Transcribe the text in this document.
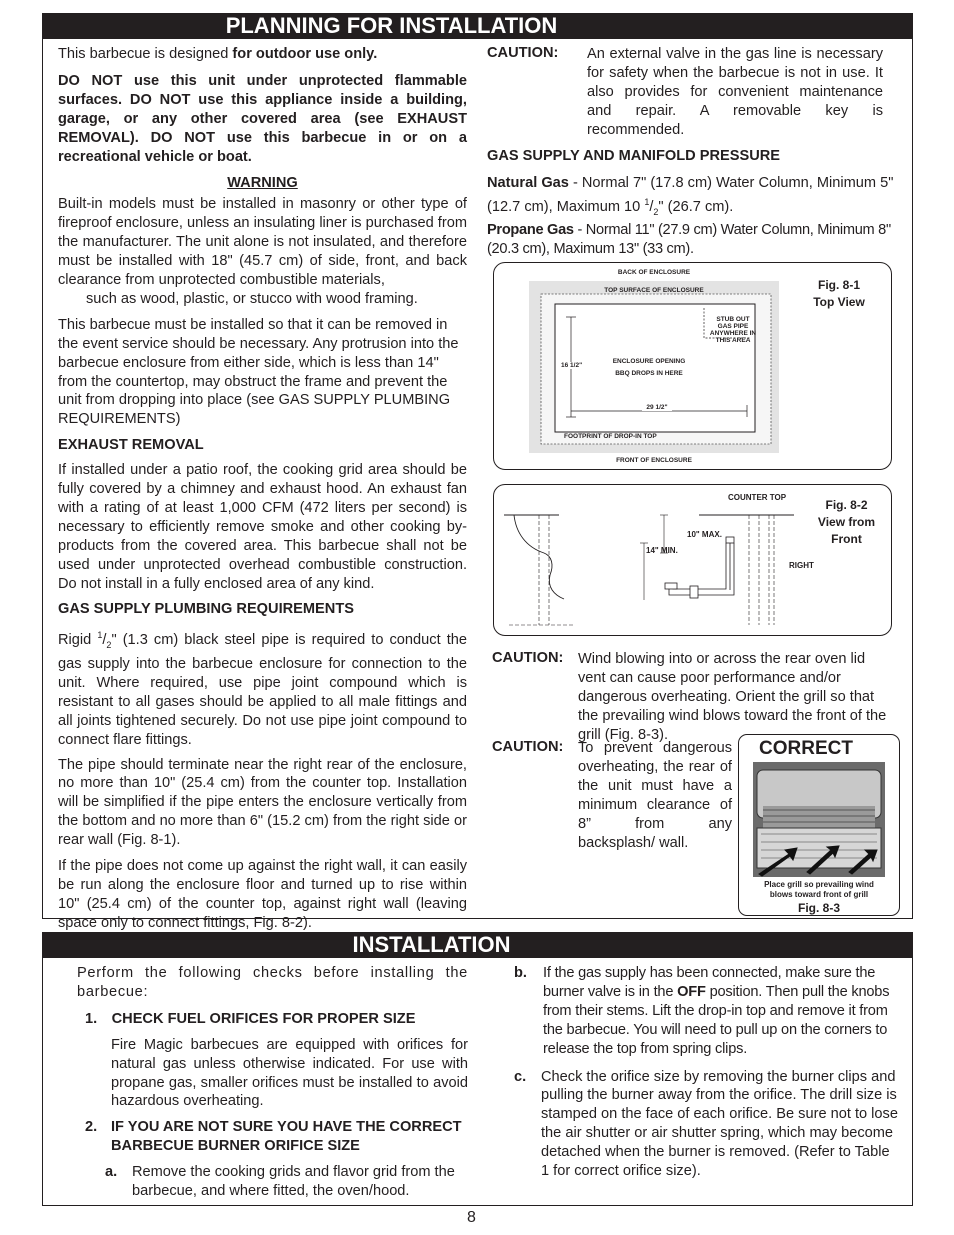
PLANNING FOR INSTALLATION

This barbecue is designed for outdoor use only.

DO NOT use this unit under unprotected flammable surfaces. DO NOT use this appliance inside a building, garage, or any other covered area (see EXHAUST REMOVAL). DO NOT use this barbecue in or on a recreational vehicle or boat.

WARNING

Built-in models must be installed in masonry or other type of fireproof enclosure, unless an insulating liner is purchased from the manufacturer. The unit alone is not insulated, and therefore must be installed with 18" (45.7 cm) of side, front, and back clearance from unprotected combustible materials,

such as wood, plastic, or stucco with wood framing.

This barbecue must be installed so that it can be removed in the event service should be necessary. Any protrusion into the barbecue enclosure from either side, which is less than 14" from the countertop, may obstruct the frame and prevent the unit from dropping into place (see GAS SUPPLY PLUMBING REQUIREMENTS)

EXHAUST REMOVAL

If installed under a patio roof, the cooking grid area should be fully covered by a chimney and exhaust hood. An exhaust fan with a rating of at least 1,000 CFM (472 liters per second) is necessary to efficiently remove smoke and other cooking by-products from the covered area. This barbecue shall not be used under unprotected overhead combustible construction. Do not install in a fully enclosed area of any kind.

GAS SUPPLY PLUMBING REQUIREMENTS

Rigid $^1/_2$" (1.3 cm) black steel pipe is required to conduct the gas supply into the barbecue enclosure for connection to the unit. Where required, use pipe joint compound which is resistant to all gases should be applied to all male fittings and all joints tightened securely. Do not use pipe joint compound to connect flare fittings.

The pipe should terminate near the right rear of the enclosure, no more than 10" (25.4 cm) from the counter top. Installation will be simplified if the pipe enters the enclosure vertically from the bottom and no more than 6" (15.2 cm) from the right side or rear wall (Fig. 8-1).

If the pipe does not come up against the right wall, it can easily be run along the enclosure floor and turned up to rise within 10" (25.4 cm) of the counter top, against right wall (leaving space only to connect fittings, Fig. 8-2).

CAUTION: An external valve in the gas line is necessary for safety when the barbecue is not in use. It also provides for convenient maintenance and repair. A removable key is recommended.

GAS SUPPLY AND MANIFOLD PRESSURE

Natural Gas - Normal 7" (17.8 cm) Water Column, Minimum 5" (12.7 cm), Maximum 10 $^1/_2$" (26.7 cm).

Propane Gas - Normal 11" (27.9 cm) Water Column, Minimum 8" (20.3 cm), Maximum 13" (33 cm).

BACK OF ENCLOSURE
TOP SURFACE OF ENCLOSURE
STUB OUT
GAS PIPE
ANYWHERE IN
THIS AREA
ENCLOSURE OPENING
BBQ DROPS IN HERE
16 1/2"
29 1/2"
FOOTPRINT OF DROP-IN TOP
FRONT OF ENCLOSURE
Fig. 8-1
Top View
COUNTER TOP
10" MAX.
14" MIN.
RIGHT
Fig. 8-2
View from
Front
CAUTION: Wind blowing into or across the rear oven lid vent can cause poor performance and/or dangerous overheating. Orient the grill so that the prevailing wind blows toward the front of the grill (Fig. 8-3).

CAUTION: To prevent dangerous overheating, the rear of the unit must have a minimum clearance of 8” from any backsplash/ wall.

CORRECT
Place grill so prevailing wind
blows toward front of grill
Fig. 8-3
INSTALLATION

Perform the following checks before installing the barbecue:

1. CHECK FUEL ORIFICES FOR PROPER SIZE

Fire Magic barbecues are equipped with orifices for natural gas unless otherwise indicated. For use with propane gas, smaller orifices must be installed to avoid hazardous overheating.

2. IF YOU ARE NOT SURE YOU HAVE THE CORRECT BARBECUE BURNER ORIFICE SIZE

a. Remove the cooking grids and flavor grid from the barbecue, and where fitted, the oven/hood.

b. If the gas supply has been connected, make sure the burner valve is in the OFF position. Then pull the knobs from their stems. Lift the drop-in top and remove it from the barbecue. You will need to pull up on the corners to release the top from spring clips.

c. Check the orifice size by removing the burner clips and pulling the burner away from the orifice. The drill size is stamped on the face of each orifice. Be sure not to lose the air shutter or air shutter spring, which may become detached when the burner is removed. (Refer to Table 1 for correct orifice size).

8
